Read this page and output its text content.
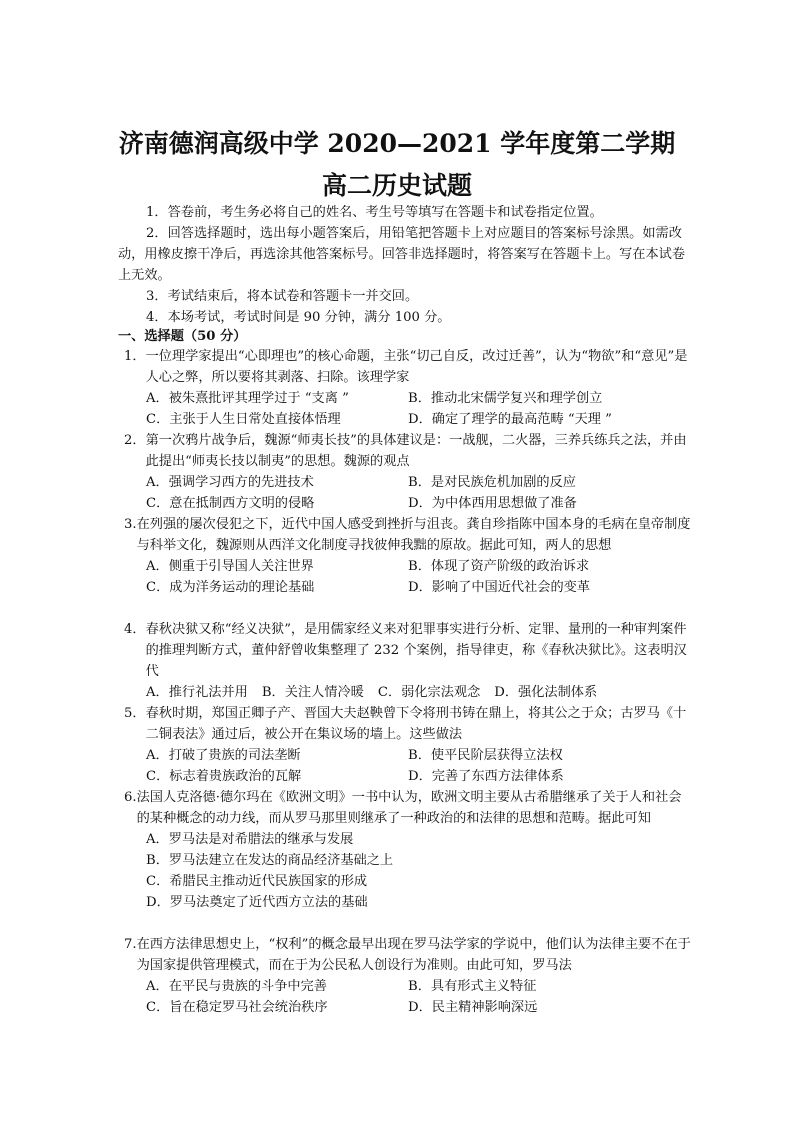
济南德润高级中学 2020—2021 学年度第二学期
高二历史试题

1．答卷前，考生务必将自己的姓名、考生号等填写在答题卡和试卷指定位置。

2．回答选择题时，选出每小题答案后，用铅笔把答题卡上对应题目的答案标号涂黑。如需改动，用橡皮擦干净后，再选涂其他答案标号。回答非选择题时，将答案写在答题卡上。写在本试卷上无效。

3．考试结束后，将本试卷和答题卡一并交回。

4．本场考试，考试时间是 90 分钟，满分 100 分。

一、选择题（50 分）
1． 一位理学家提出“心即理也”的核心命题，主张“切己自反，改过迁善”，认为“物欲”和“意见”是人心之弊，所以要将其剥落、扫除。该理学家
A．被朱熹批评其理学过于 “支离 ”	B．推动北宋儒学复兴和理学创立
C．主张于人生日常处直接体悟理	D．确定了理学的最高范畴 “天理 ”
2． 第一次鸦片战争后，魏源“师夷长技”的具体建议是：一战舰，二火器，三养兵练兵之法，并由此提出“师夷长技以制夷”的思想。魏源的观点
A．强调学习西方的先进技术	B．是对民族危机加剧的反应
C．意在抵制西方文明的侵略	D．为中体西用思想做了准备
3. 在列强的屡次侵犯之下，近代中国人感受到挫折与沮丧。龚自珍指陈中国本身的毛病在皇帝制度与科举文化，魏源则从西洋文化制度寻找彼伸我黜的原故。据此可知，两人的思想
A．侧重于引导国人关注世界	B．体现了资产阶级的政治诉求
C．成为洋务运动的理论基础	D．影响了中国近代社会的变革
4． 春秋决狱又称“经义决狱”，是用儒家经义来对犯罪事实进行分析、定罪、量刑的一种审判案件的推理判断方式，董仲舒曾收集整理了 232 个案例，指导律吏，称《春秋决狱比》。这表明汉代
A．推行礼法并用 B．关注人情冷暖 C．弱化宗法观念 D．强化法制体系
5． 春秋时期，郑国正卿子产、晋国大夫赵鞅曾下令将刑书铸在鼎上，将其公之于众；古罗马《十二铜表法》通过后，被公开在集议场的墙上。这些做法
A．打破了贵族的司法垄断	B．使平民阶层获得立法权
C．标志着贵族政治的瓦解	D．完善了东西方法律体系
6. 法国人克洛德·德尔玛在《欧洲文明》一书中认为，欧洲文明主要从古希腊继承了关于人和社会的某种概念的动力线，而从罗马那里则继承了一种政治的和法律的思想和范畴。据此可知
A．罗马法是对希腊法的继承与发展
B．罗马法建立在发达的商品经济基础之上
C．希腊民主推动近代民族国家的形成
D．罗马法奠定了近代西方立法的基础
7. 在西方法律思想史上，“权利”的概念最早出现在罗马法学家的学说中，他们认为法律主要不在于为国家提供管理模式，而在于为公民私人创设行为准则。由此可知，罗马法
A．在平民与贵族的斗争中完善	B．具有形式主义特征
C．旨在稳定罗马社会统治秩序	D．民主精神影响深远
